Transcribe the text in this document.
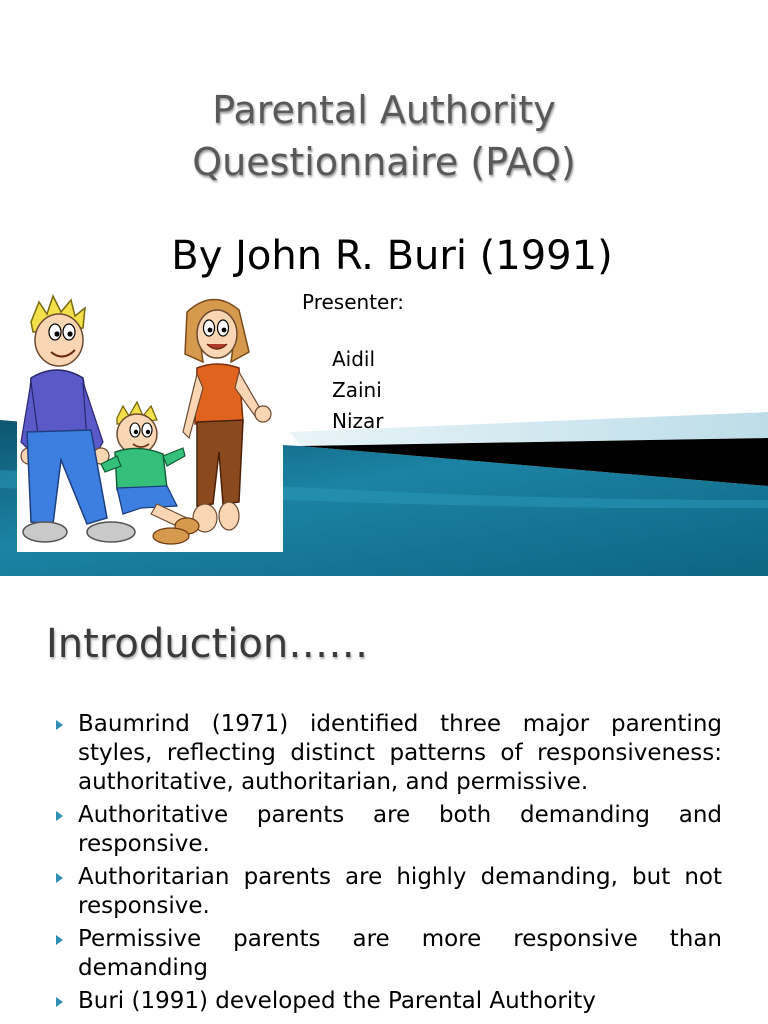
Parental Authority
Questionnaire (PAQ)
By John R. Buri (1991)
Presenter:
Aidil
Zaini
Nizar
Introduction……
Baumrind (1971) identified three major parenting styles, reflecting distinct patterns of responsiveness: authoritative, authoritarian, and permissive.
Authoritative parents are both demanding and responsive.
Authoritarian parents are highly demanding, but not responsive.
Permissive parents are more responsive than demanding
Buri (1991) developed the Parental Authority
